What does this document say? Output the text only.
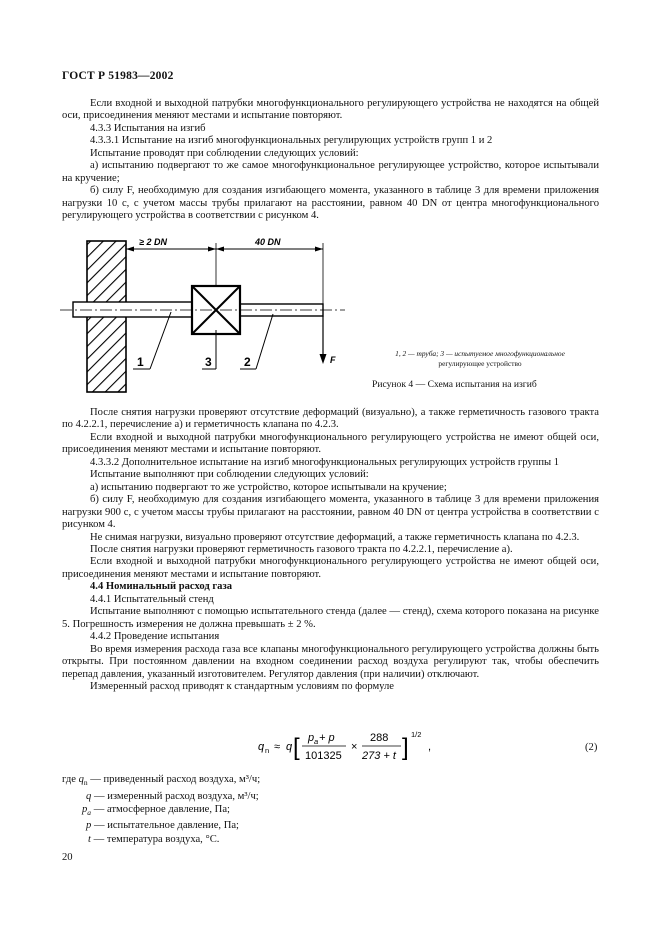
ГОСТ Р 51983—2002

Если входной и выходной патрубки многофункционального регулирующего устройства не находятся на общей оси, присоединения меняют местами и испытание повторяют.

4.3.3 Испытания на изгиб

4.3.3.1 Испытание на изгиб многофункциональных регулирующих устройств групп 1 и 2

Испытание проводят при соблюдении следующих условий:

а) испытанию подвергают то же самое многофункциональное регулирующее устройство, которое испытывали на кручение;

б) силу F, необходимую для создания изгибающего момента, указанного в таблице 3 для времени приложения нагрузки 10 с, с учетом массы трубы прилагают на расстоянии, равном 40 DN от центра многофункционального регулирующего устройства в соответствии с рисунком 4.

≥ 2 DN	40 DN
F
1	3	2
1, 2 — труба; 3 — испытуемое многофункциональное
регулирующее устройство
Рисунок 4 — Схема испытания на изгиб

После снятия нагрузки проверяют отсутствие деформаций (визуально), а также герметичность газового тракта по 4.2.2.1, перечисление а) и герметичность клапана по 4.2.3.

Если входной и выходной патрубки многофункционального регулирующего устройства не имеют общей оси, присоединения меняют местами и испытание повторяют.

4.3.3.2 Дополнительное испытание на изгиб многофункциональных регулирующих устройств группы 1

Испытание выполняют при соблюдении следующих условий:

а) испытанию подвергают то же устройство, которое испытывали на кручение;

б) силу F, необходимую для создания изгибающего момента, указанного в таблице 3 для времени приложения нагрузки 900 с, с учетом массы трубы прилагают на расстоянии, равном 40 DN от центра устройства в соответствии с рисунком 4.

Не снимая нагрузки, визуально проверяют отсутствие деформаций, а также герметичность клапана по 4.2.3.

После снятия нагрузки проверяют герметичность газового тракта по 4.2.2.1, перечисление а).

Если входной и выходной патрубки многофункционального регулирующего устройства не имеют общей оси, присоединения меняют местами и испытание повторяют.

4.4 Номинальный расход газа

4.4.1 Испытательный стенд

Испытание выполняют с помощью испытательного стенда (далее — стенд), схема которого показана на рисунке 5. Погрешность измерения не должна превышать ± 2 %.

4.4.2 Проведение испытания

Во время измерения расхода газа все клапаны многофункционального регулирующего устройства должны быть открыты. При постоянном давлении на входном соединении расход воздуха регулируют так, чтобы обеспечить перепад давления, указанный изготовителем. Регулятор давления (при наличии) отключают.

Измеренный расход приводят к стандартным условиям по формуле

q n ≈ q [ p a + p
101325
×
288
273 + t ] 1/2
,	(2)
где $q_n$ — приведенный расход воздуха, м³/ч;
q — измеренный расход воздуха, м³/ч;
$p_a$ — атмосферное давление, Па;
p — испытательное давление, Па;
t — температура воздуха, °С.
20
